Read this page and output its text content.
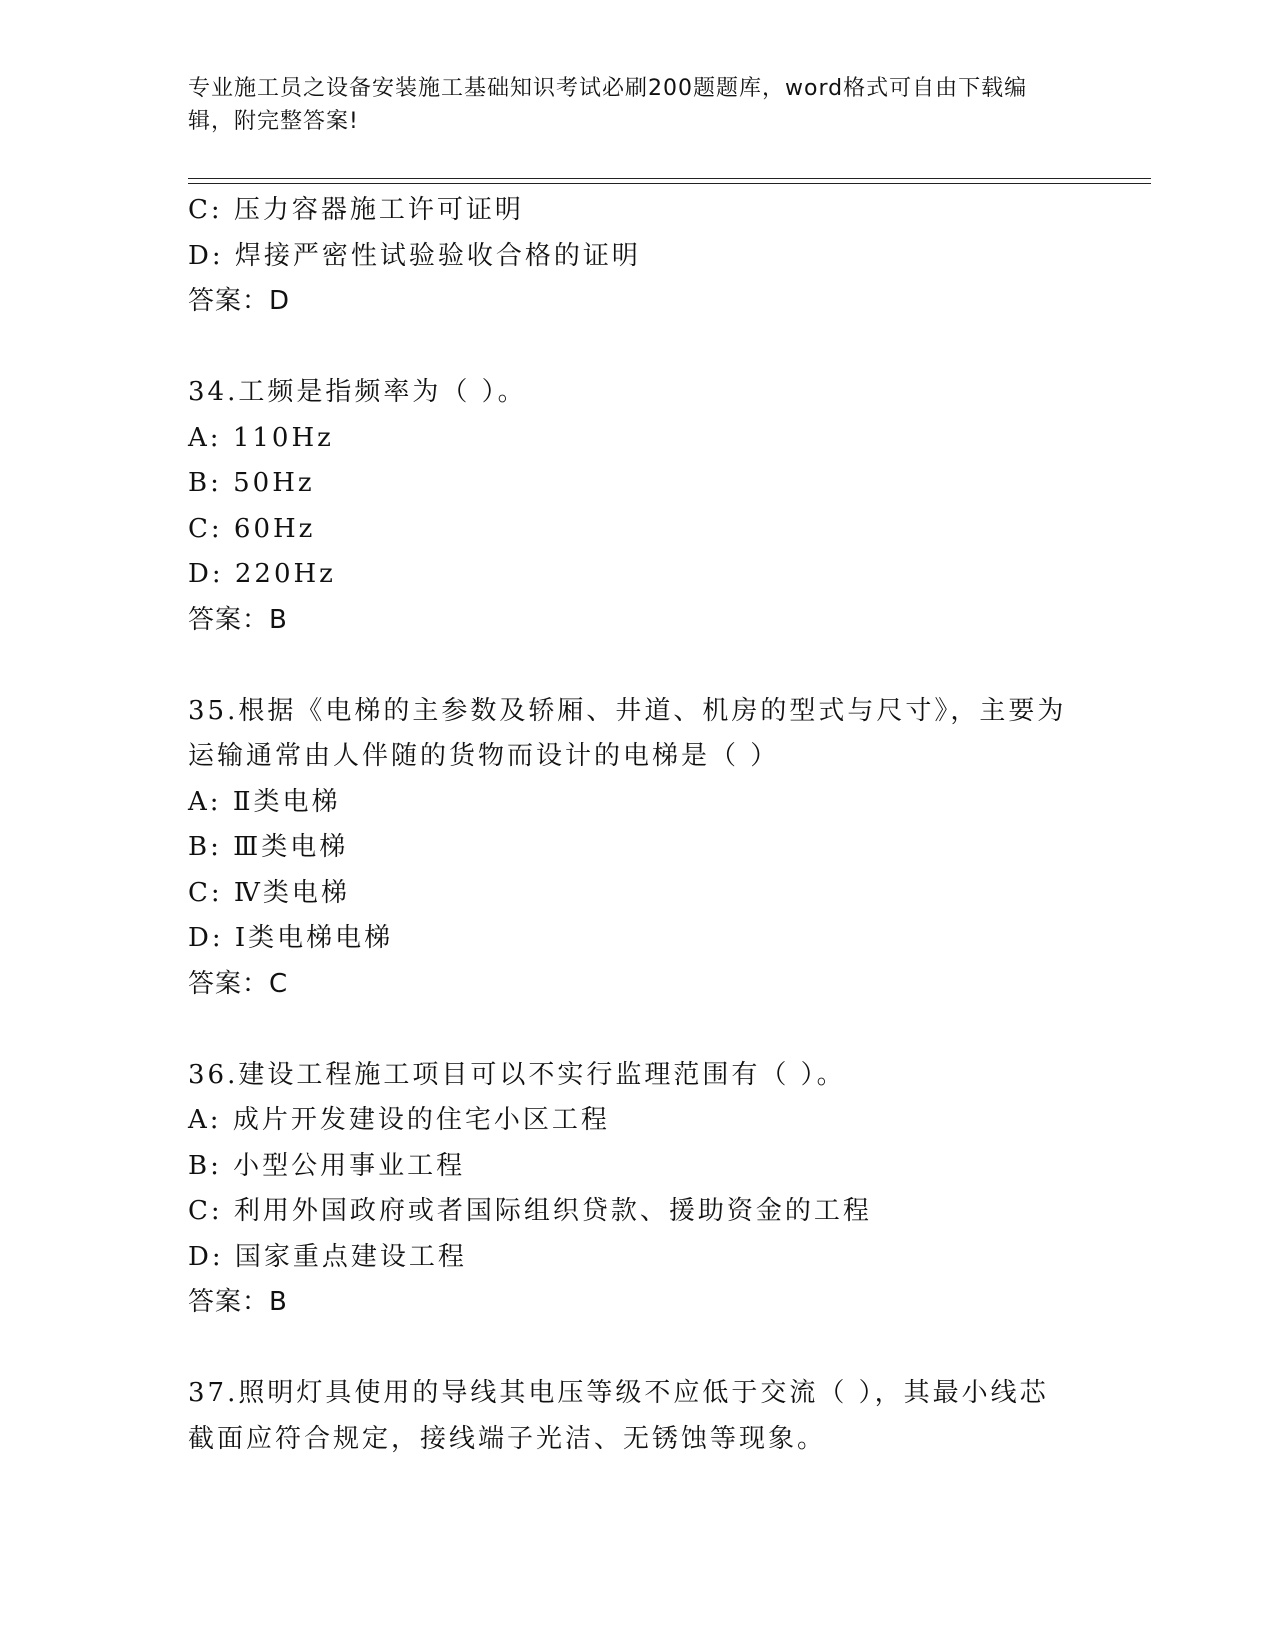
专业施工员之设备安装施工基础知识考试必刷200题题库，word格式可自由下载编辑，附完整答案!
C: 压力容器施工许可证明
D: 焊接严密性试验验收合格的证明
答案：D
34.工频是指频率为（ ）。
A: 110Hz
B: 50Hz
C: 60Hz
D: 220Hz
答案：B
35.根据《电梯的主参数及轿厢、井道、机房的型式与尺寸》，主要为
运输通常由人伴随的货物而设计的电梯是（ ）
A: Ⅱ类电梯
B: Ⅲ类电梯
C: Ⅳ类电梯
D: Ⅰ类电梯电梯
答案：C
36.建设工程施工项目可以不实行监理范围有（ ）。
A: 成片开发建设的住宅小区工程
B: 小型公用事业工程
C: 利用外国政府或者国际组织贷款、援助资金的工程
D: 国家重点建设工程
答案：B
37.照明灯具使用的导线其电压等级不应低于交流（ ），其最小线芯
截面应符合规定，接线端子光洁、无锈蚀等现象。
